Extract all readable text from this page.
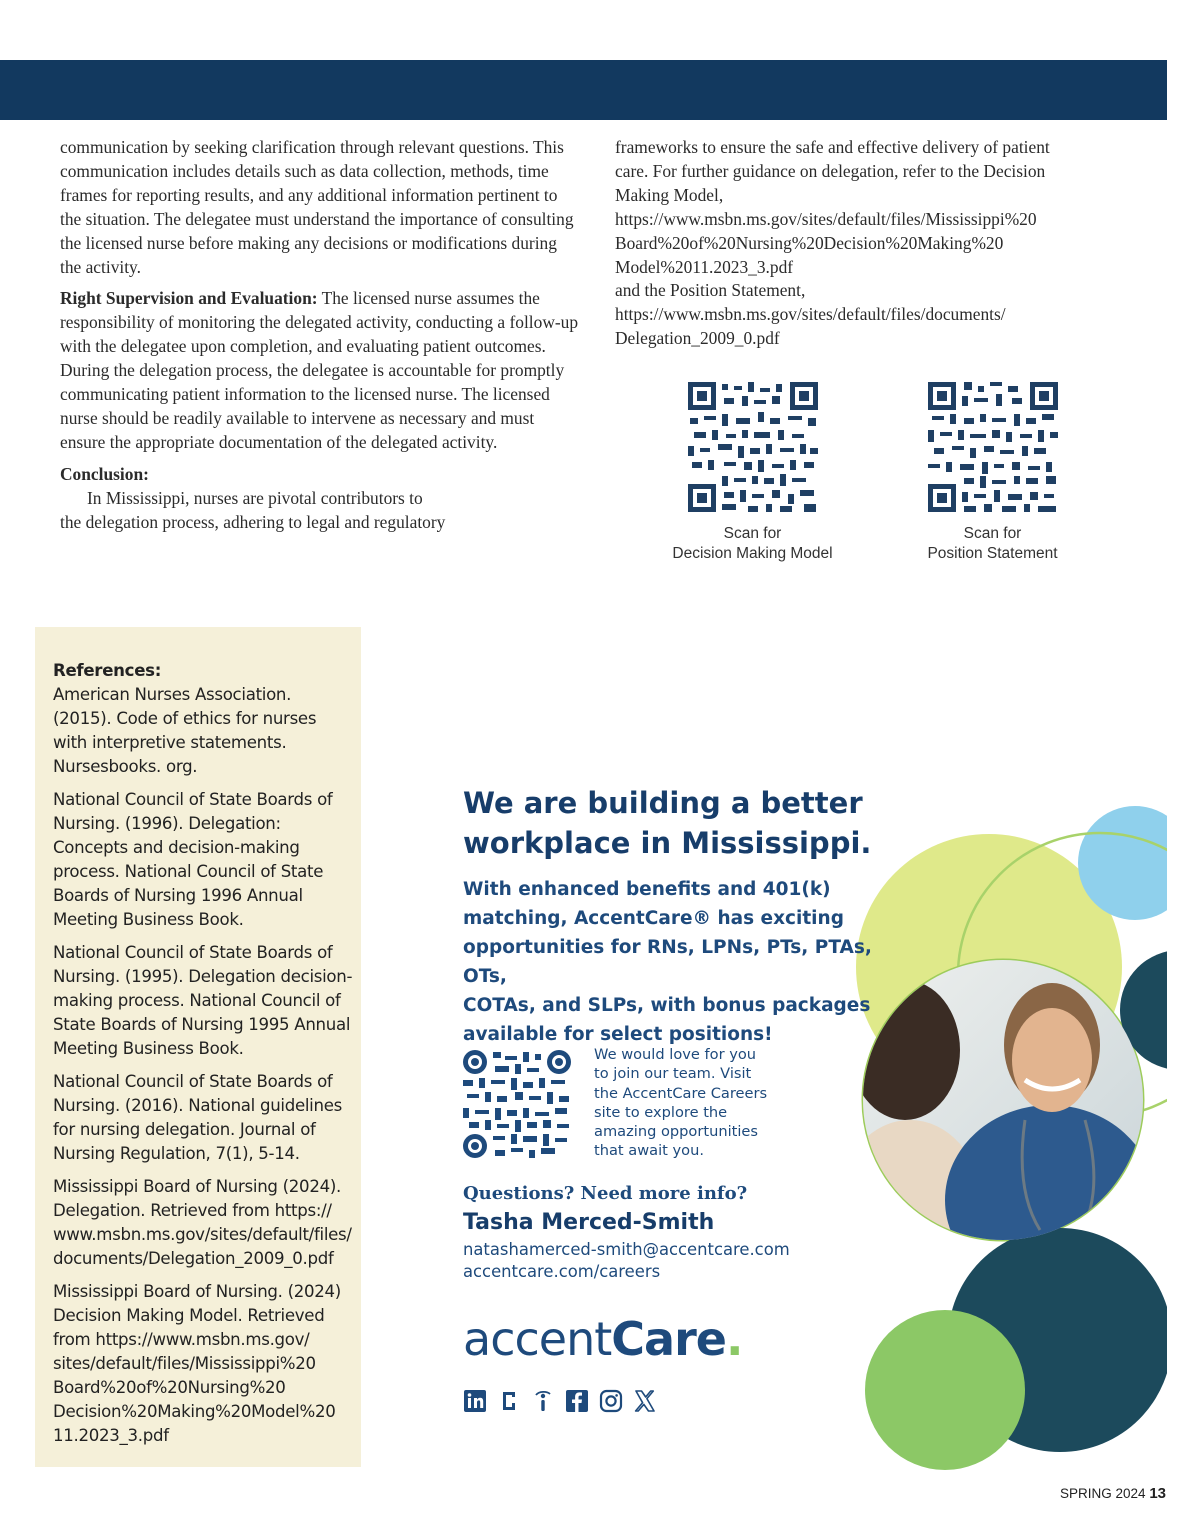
communication by seeking clarification through relevant questions. This communication includes details such as data collection, methods, time frames for reporting results, and any additional information pertinent to the situation. The delegatee must understand the importance of consulting the licensed nurse before making any decisions or modifications during the activity.

Right Supervision and Evaluation: The licensed nurse assumes the responsibility of monitoring the delegated activity, conducting a follow-up with the delegatee upon completion, and evaluating patient outcomes. During the delegation process, the delegatee is accountable for promptly communicating patient information to the licensed nurse. The licensed nurse should be readily available to intervene as necessary and must ensure the appropriate documentation of the delegated activity.

Conclusion:

In Mississippi, nurses are pivotal contributors to

the delegation process, adhering to legal and regulatory

frameworks to ensure the safe and effective delivery of patient

care. For further guidance on delegation, refer to the Decision

Making Model,

https://www.msbn.ms.gov/sites/default/files/Mississippi%20

Board%20of%20Nursing%20Decision%20Making%20

Model%2011.2023_3.pdf

and the Position Statement,

https://www.msbn.ms.gov/sites/default/files/documents/

Delegation_2009_0.pdf

Scan for
Decision Making Model
Scan for
Position Statement

References:

American Nurses Association. (2015). Code of ethics for nurses with interpretive statements. Nursesbooks. org.

National Council of State Boards of Nursing. (1996). Delegation: Concepts and decision-making process. National Council of State Boards of Nursing 1996 Annual Meeting Business Book.

National Council of State Boards of Nursing. (1995). Delegation decision-making process. National Council of State Boards of Nursing 1995 Annual Meeting Business Book.

National Council of State Boards of Nursing. (2016). National guidelines for nursing delegation. Journal of Nursing Regulation, 7(1), 5-14.

Mississippi Board of Nursing (2024). Delegation. Retrieved from https:// www.msbn.ms.gov/sites/default/files/ documents/Delegation_2009_0.pdf

Mississippi Board of Nursing. (2024) Decision Making Model. Retrieved from https://www.msbn.ms.gov/ sites/default/files/Mississippi%20 Board%20of%20Nursing%20 Decision%20Making%20Model%20 11.2023_3.pdf

We are building a better
workplace in Mississippi.
With enhanced benefits and 401(k)
matching, AccentCare® has exciting
opportunities for RNs, LPNs, PTs, PTAs, OTs,
COTAs, and SLPs, with bonus packages
available for select positions!
We would love for you
to join our team. Visit
the AccentCare Careers
site to explore the
amazing opportunities
that await you.
Questions? Need more info?
Tasha Merced-Smith
natashamerced-smith@accentcare.com
accentcare.com/careers
accentCare.
SPRING 2024 13
